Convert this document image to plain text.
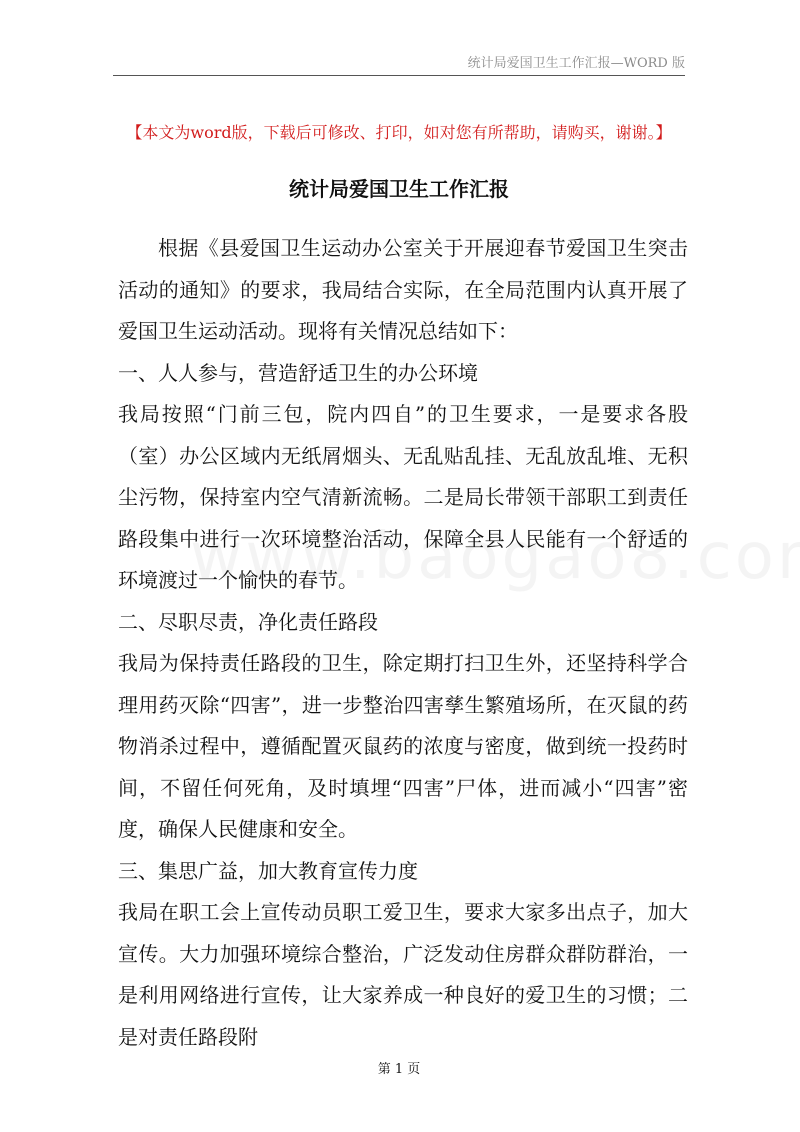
统计局爱国卫生工作汇报—WORD 版
【本文为word版，下载后可修改、打印，如对您有所帮助，请购买，谢谢。】
统计局爱国卫生工作汇报

根据《县爱国卫生运动办公室关于开展迎春节爱国卫生突击活动的通知》的要求，我局结合实际，在全局范围内认真开展了爱国卫生运动活动。现将有关情况总结如下：

一、人人参与，营造舒适卫生的办公环境

我局按照“门前三包，院内四自”的卫生要求，一是要求各股（室）办公区域内无纸屑烟头、无乱贴乱挂、无乱放乱堆、无积尘污物，保持室内空气清新流畅。二是局长带领干部职工到责任路段集中进行一次环境整治活动，保障全县人民能有一个舒适的环境渡过一个愉快的春节。

二、尽职尽责，净化责任路段

我局为保持责任路段的卫生，除定期打扫卫生外，还坚持科学合理用药灭除“四害”，进一步整治四害孳生繁殖场所，在灭鼠的药物消杀过程中，遵循配置灭鼠药的浓度与密度，做到统一投药时间，不留任何死角，及时填埋“四害”尸体，进而减小“四害”密度，确保人民健康和安全。

三、集思广益，加大教育宣传力度

我局在职工会上宣传动员职工爱卫生，要求大家多出点子，加大宣传。大力加强环境综合整治，广泛发动住房群众群防群治，一是利用网络进行宣传，让大家养成一种良好的爱卫生的习惯；二是对责任路段附

第 1 页
